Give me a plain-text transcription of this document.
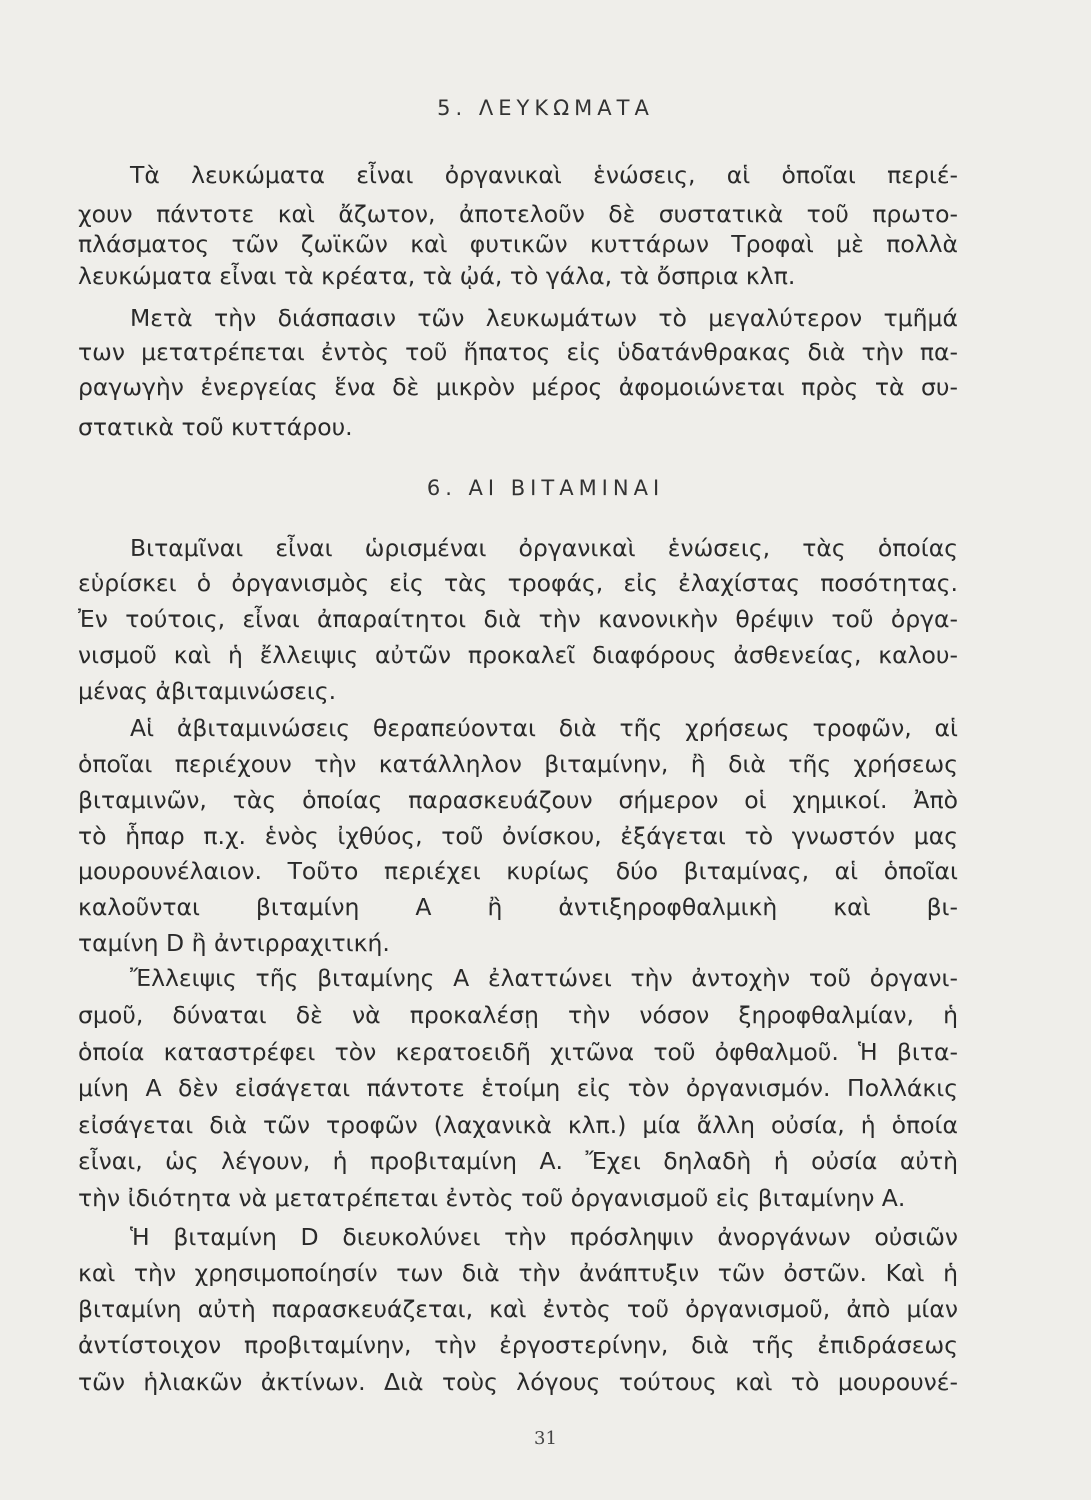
5. ΛΕΥΚΩΜΑΤΑ
Τὰ λευκώματα εἶναι ὀργανικαὶ ἑνώσεις, αἱ ὁποῖαι περιέ-
χουν πάντοτε καὶ ἄζωτον, ἀποτελοῦν δὲ συστατικὰ τοῦ πρωτο-
πλάσματος τῶν ζωϊκῶν καὶ φυτικῶν κυττάρων Τροφαὶ μὲ πολλὰ
λευκώματα εἶναι τὰ κρέατα, τὰ ᾠά, τὸ γάλα, τὰ ὄσπρια κλπ.
Μετὰ τὴν διάσπασιν τῶν λευκωμάτων τὸ μεγαλύτερον τμῆμά
των μετατρέπεται ἐντὸς τοῦ ἥπατος εἰς ὑδατάνθρακας διὰ τὴν πα-
ραγωγὴν ἐνεργείας ἕνα δὲ μικρὸν μέρος ἀφομοιώνεται πρὸς τὰ συ-
στατικὰ τοῦ κυττάρου.
6. ΑΙ ΒΙΤΑΜΙΝΑΙ
Βιταμῖναι εἶναι ὡρισμέναι ὀργανικαὶ ἑνώσεις, τὰς ὁποίας
εὑρίσκει ὁ ὀργανισμὸς εἰς τὰς τροφάς, εἰς ἐλαχίστας ποσότητας.
Ἐν τούτοις, εἶναι ἀπαραίτητοι διὰ τὴν κανονικὴν θρέψιν τοῦ ὀργα-
νισμοῦ καὶ ἡ ἔλλειψις αὐτῶν προκαλεῖ διαφόρους ἀσθενείας, καλου-
μένας ἀβιταμινώσεις.
Αἱ ἀβιταμινώσεις θεραπεύονται διὰ τῆς χρήσεως τροφῶν, αἱ
ὁποῖαι περιέχουν τὴν κατάλληλον βιταμίνην, ἢ διὰ τῆς χρήσεως
βιταμινῶν, τὰς ὁποίας παρασκευάζουν σήμερον οἱ χημικοί. Ἀπὸ
τὸ ἧπαρ π.χ. ἑνὸς ἰχθύος, τοῦ ὀνίσκου, ἐξάγεται τὸ γνωστόν μας
μουρουνέλαιον. Τοῦτο περιέχει κυρίως δύο βιταμίνας, αἱ ὁποῖαι
καλοῦνται βιταμίνη Α ἢ ἀντιξηροφθαλμικὴ καὶ βι-
ταμίνη D ἢ ἀντιρραχιτική.
Ἔλλειψις τῆς βιταμίνης Α ἐλαττώνει τὴν ἀντοχὴν τοῦ ὀργανι-
σμοῦ, δύναται δὲ νὰ προκαλέσῃ τὴν νόσον ξηροφθαλμίαν, ἡ
ὁποία καταστρέφει τὸν κερατοειδῆ χιτῶνα τοῦ ὀφθαλμοῦ. Ἡ βιτα-
μίνη Α δὲν εἰσάγεται πάντοτε ἑτοίμη εἰς τὸν ὀργανισμόν. Πολλάκις
εἰσάγεται διὰ τῶν τροφῶν (λαχανικὰ κλπ.) μία ἄλλη οὐσία, ἡ ὁποία
εἶναι, ὡς λέγουν, ἡ προβιταμίνη Α. Ἔχει δηλαδὴ ἡ οὐσία αὐτὴ
τὴν ἰδιότητα νὰ μετατρέπεται ἐντὸς τοῦ ὀργανισμοῦ εἰς βιταμίνην Α.
Ἡ βιταμίνη D διευκολύνει τὴν πρόσληψιν ἀνοργάνων οὐσιῶν
καὶ τὴν χρησιμοποίησίν των διὰ τὴν ἀνάπτυξιν τῶν ὀστῶν. Καὶ ἡ
βιταμίνη αὐτὴ παρασκευάζεται, καὶ ἐντὸς τοῦ ὀργανισμοῦ, ἀπὸ μίαν
ἀντίστοιχον προβιταμίνην, τὴν ἐργοστερίνην, διὰ τῆς ἐπιδράσεως
τῶν ἡλιακῶν ἀκτίνων. Διὰ τοὺς λόγους τούτους καὶ τὸ μουρουνέ-
31
